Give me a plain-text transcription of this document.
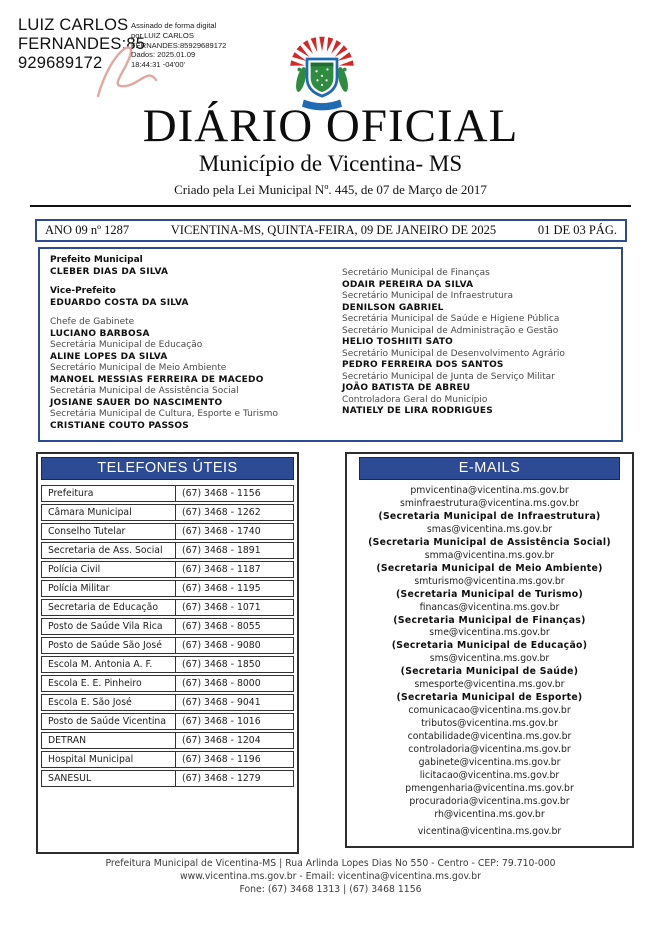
LUIZ CARLOS
FERNANDES:85
929689172
Assinado de forma digital
por LUIZ CARLOS
FERNANDES:85929689172
Dados: 2025.01.09
18:44:31 -04'00'
DIÁRIO OFICIAL
Município de Vicentina- MS
Criado pela Lei Municipal Nº. 445, de 07 de Março de 2017
ANO 09 nº 1287	VICENTINA-MS, QUINTA-FEIRA, 09 DE JANEIRO DE 2025	01 DE 03 PÁG.
Prefeito Municipal
CLEBER DIAS DA SILVA
Vice-Prefeito
EDUARDO COSTA DA SILVA
Chefe de Gabinete
LUCIANO BARBOSA
Secretária Municipal de Educação
ALINE LOPES DA SILVA
Secretário Municipal de Meio Ambiente
MANOEL MESSIAS FERREIRA DE MACEDO
Secretária Municipal de Assistência Social
JOSIANE SAUER DO NASCIMENTO
Secretária Municipal de Cultura, Esporte e Turismo
CRISTIANE COUTO PASSOS
Secretário Municipal de Finanças
ODAIR PEREIRA DA SILVA
Secretário Municipal de Infraestrutura
DENILSON GABRIEL
Secretária Municipal de Saúde e Higiene Pública
Secretário Municipal de Administração e Gestão
HELIO TOSHIITI SATO
Secretário Municipal de Desenvolvimento Agrário
PEDRO FERREIRA DOS SANTOS
Secretário Municipal de Junta de Serviço Militar
JOÃO BATISTA DE ABREU
Controladora Geral do Município
NATIELY DE LIRA RODRIGUES
TELEFONES ÚTEIS
Prefeitura	(67) 3468 - 1156
Câmara Municipal	(67) 3468 - 1262
Conselho Tutelar	(67) 3468 - 1740
Secretaria de Ass. Social	(67) 3468 - 1891
Polícia Civil	(67) 3468 - 1187
Polícia Militar	(67) 3468 - 1195
Secretaria de Educação	(67) 3468 - 1071
Posto de Saúde Vila Rica	(67) 3468 - 8055
Posto de Saúde São José	(67) 3468 - 9080
Escola M. Antonia A. F.	(67) 3468 - 1850
Escola E. E. Pinheiro	(67) 3468 - 8000
Escola E. São José	(67) 3468 - 9041
Posto de Saúde Vicentina	(67) 3468 - 1016
DETRAN	(67) 3468 - 1204
Hospital Municipal	(67) 3468 - 1196
SANESUL	(67) 3468 - 1279
E-MAILS
pmvicentina@vicentina.ms.gov.br
sminfraestrutura@vicentina.ms.gov.br
(Secretaria Municipal de Infraestrutura)
smas@vicentina.ms.gov.br
(Secretaria Municipal de Assistência Social)
smma@vicentina.ms.gov.br
(Secretaria Municipal de Meio Ambiente)
smturismo@vicentina.ms.gov.br
(Secretaria Municipal de Turismo)
financas@vicentina.ms.gov.br
(Secretaria Municipal de Finanças)
sme@vicentina.ms.gov.br
(Secretaria Municipal de Educação)
sms@vicentina.ms.gov.br
(Secretaria Municipal de Saúde)
smesporte@vicentina.ms.gov.br
(Secretaria Municipal de Esporte)
comunicacao@vicentina.ms.gov.br
tributos@vicentina.ms.gov.br
contabilidade@vicentina.ms.gov.br
controladoria@vicentina.ms.gov.br
gabinete@vicentina.ms.gov.br
licitacao@vicentina.ms.gov.br
pmengenharia@vicentina.ms.gov.br
procuradoria@vicentina.ms.gov.br
rh@vicentina.ms.gov.br
vicentina@vicentina.ms.gov.br
Prefeitura Municipal de Vicentina-MS | Rua Arlinda Lopes Dias No 550 - Centro - CEP: 79.710-000
www.vicentina.ms.gov.br - Email: vicentina@vicentina.ms.gov.br
Fone: (67) 3468 1313 | (67) 3468 1156
